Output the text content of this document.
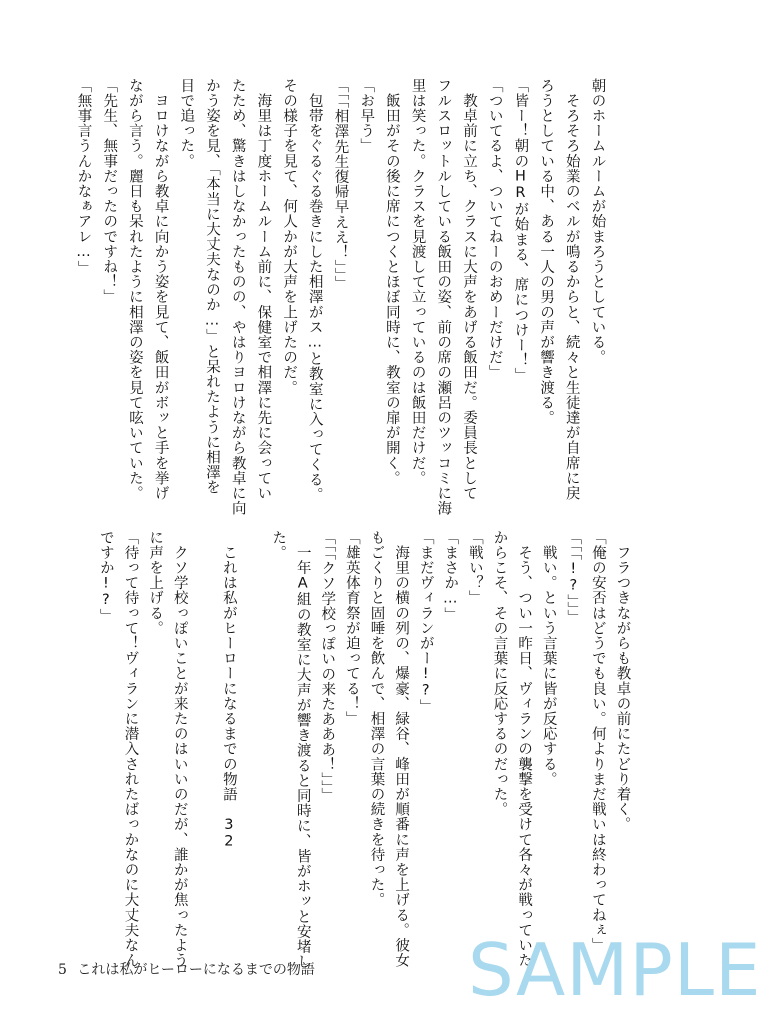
朝のホームルームが始まろうとしている。
　そろそろ始業のベルが鳴るからと、続々と生徒達が自席に戻
ろうとしている中、ある一人の男の声が響き渡る。
「皆ー！朝のHRが始まる、席につけー！」
「ついてるよ、ついてねーのおめーだけだ」
　教卓前に立ち、クラスに大声をあげる飯田だ。委員長として
フルスロットルしている飯田の姿、前の席の瀬呂のツッコミに海
里は笑った。クラスを見渡して立っているのは飯田だけだ。
　飯田がその後に席につくとほぼ同時に、教室の扉が開く。
「お早う」
「「「相澤先生復帰早ええ！」」」
　包帯をぐるぐる巻きにした相澤がス…と教室に入ってくる。
その様子を見て、何人かが大声を上げたのだ。
　海里は丁度ホームルーム前に、保健室で相澤に先に会ってい
たため、驚きはしなかったものの、やはりヨロけながら教卓に向
かう姿を見、「本当に大丈夫なのか…」と呆れたように相澤を
目で追った。
　ヨロけながら教卓に向かう姿を見て、飯田がボッと手を挙げ
ながら言う。麗日も呆れたように相澤の姿を見て呟いていた。
「先生、無事だったのですね！」
「無事言うんかなぁアレ…」
　フラつきながらも教卓の前にたどり着く。
「俺の安否はどうでも良い。何よりまだ戦いは終わってねぇ」
「「「!?」」」
　戦い。という言葉に皆が反応する。
　そう、つい一昨日、ヴィランの襲撃を受けて各々が戦っていた
からこそ、その言葉に反応するのだった。
「戦い？」
「まさか…」
「まだヴィランがー!?」
　海里の横の列の、爆豪、緑谷、峰田が順番に声を上げる。彼女
もごくりと固唾を飲んで、相澤の言葉の続きを待った。
「雄英体育祭が迫ってる！」
「「「クソ学校っぽいの来たあああ！」」」
　一年A組の教室に大声が響き渡ると同時に、皆がホッと安堵し
た。
　これは私がヒーローになるまでの物語　32
　クソ学校っぽいことが来たのはいいのだが、誰かが焦ったよう
に声を上げる。
「待って待って！ヴィランに潜入されたばっかなのに大丈夫なん
ですか!?」
5 これは私がヒーローになるまでの物語 SAMPLE
